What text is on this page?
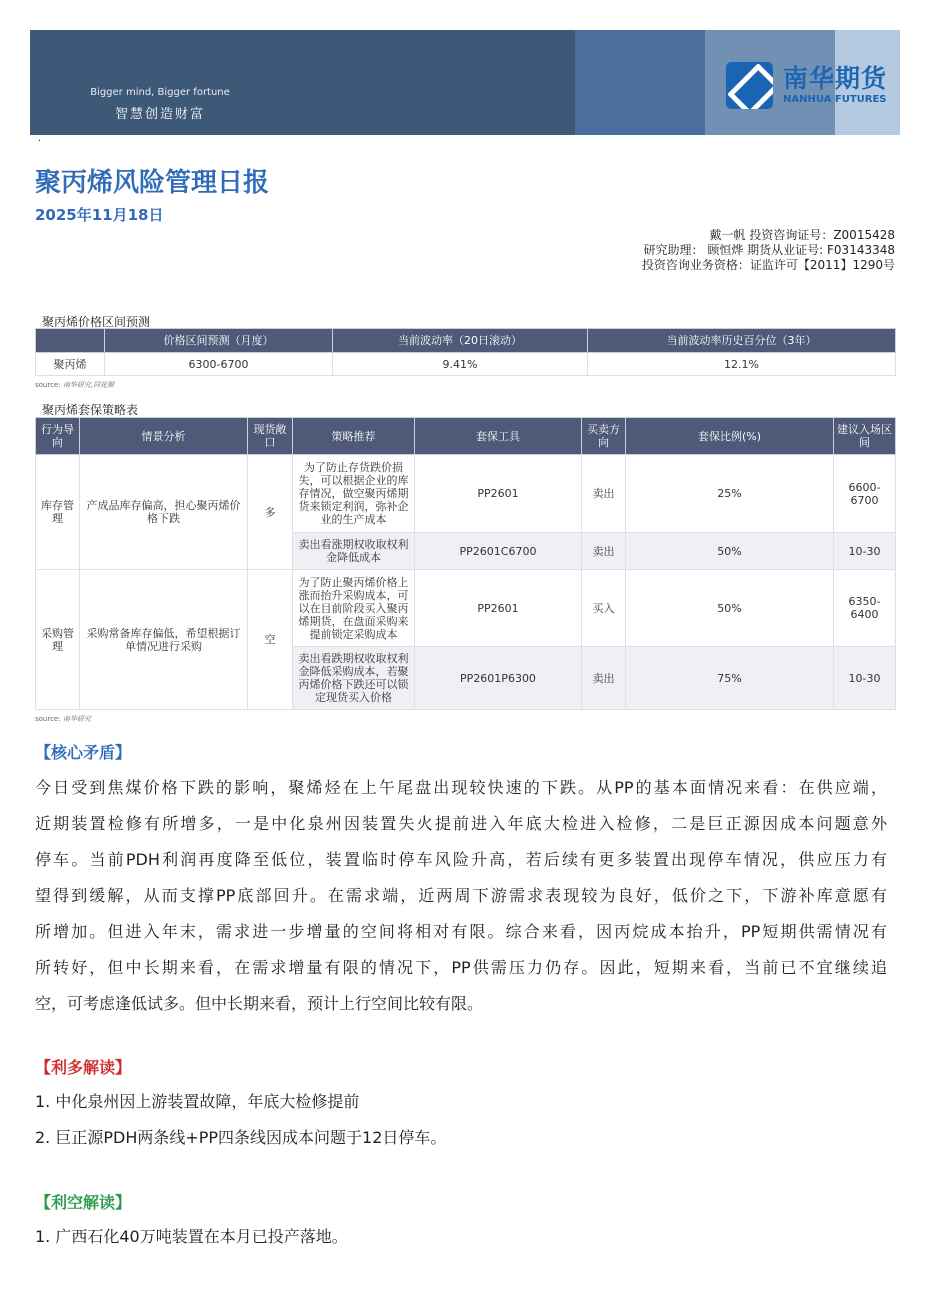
Bigger mind, Bigger fortune
智慧创造财富
南华期货
NANHUA FUTURES
·
聚丙烯风险管理日报
2025年11月18日
戴一帆 投资咨询证号：Z0015428
研究助理： 顾恒烨 期货从业证号: F03143348
投资咨询业务资格：证监许可【2011】1290号
聚丙烯价格区间预测
	价格区间预测（月度）	当前波动率（20日滚动）	当前波动率历史百分位（3年）
聚丙烯	6300-6700	9.41%	12.1%
source: 南华研究,同花顺
聚丙烯套保策略表
行为导向	情景分析	现货敞口	策略推荐	套保工具	买卖方向	套保比例(%)	建议入场区间
库存管理	产成品库存偏高，担心聚丙烯价格下跌	多	为了防止存货跌价损失，可以根据企业的库存情况，做空聚丙烯期货来锁定利润，弥补企业的生产成本	PP2601	卖出	25%	6600-6700
			卖出看涨期权收取权利金降低成本	PP2601C6700	卖出	50%	10-30
采购管理	采购常备库存偏低，希望根据订单情况进行采购	空	为了防止聚丙烯价格上涨而抬升采购成本，可以在目前阶段买入聚丙烯期货，在盘面采购来提前锁定采购成本	PP2601	买入	50%	6350-6400
			卖出看跌期权收取权利金降低采购成本，若聚丙烯价格下跌还可以锁定现货买入价格	PP2601P6300	卖出	75%	10-30
source: 南华研究
【核心矛盾】
今日受到焦煤价格下跌的影响，聚烯烃在上午尾盘出现较快速的下跌。从PP的基本面情况来看：在供应端，
近期装置检修有所增多，一是中化泉州因装置失火提前进入年底大检进入检修，二是巨正源因成本问题意外
停车。当前PDH利润再度降至低位，装置临时停车风险升高，若后续有更多装置出现停车情况，供应压力有
望得到缓解，从而支撑PP底部回升。在需求端，近两周下游需求表现较为良好，低价之下，下游补库意愿有
所增加。但进入年末，需求进一步增量的空间将相对有限。综合来看，因丙烷成本抬升，PP短期供需情况有
所转好，但中长期来看，在需求增量有限的情况下，PP供需压力仍存。因此，短期来看，当前已不宜继续追
空，可考虑逢低试多。但中长期来看，预计上行空间比较有限。
【利多解读】
1. 中化泉州因上游装置故障，年底大检修提前
2. 巨正源PDH两条线+PP四条线因成本问题于12日停车。
【利空解读】
1. 广西石化40万吨装置在本月已投产落地。
